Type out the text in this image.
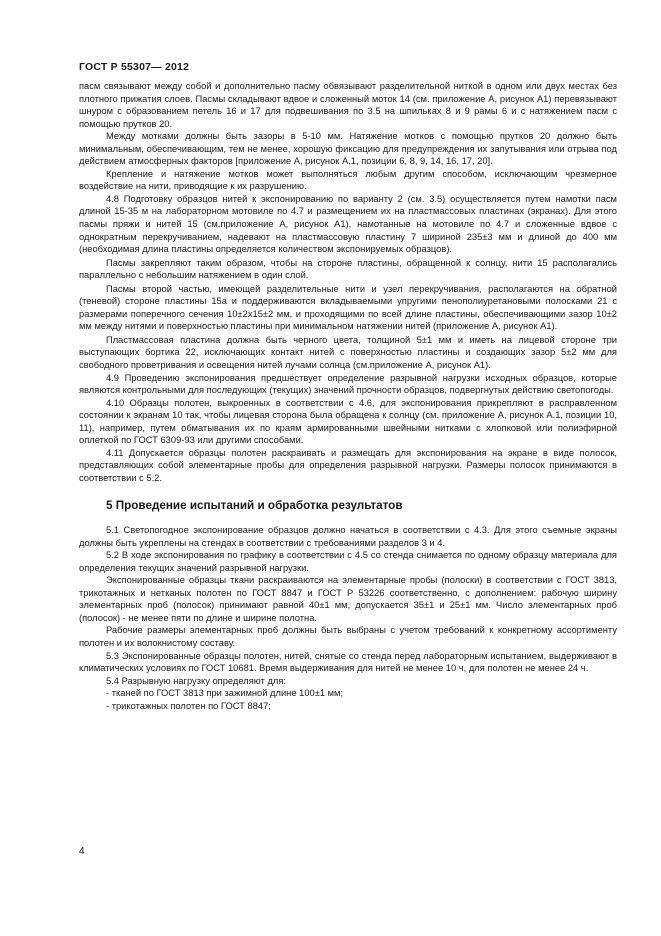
ГОСТ Р 55307— 2012

пасм связывают между собой и дополнительно пасму обвязывают разделительной ниткой в одном или двух местах без плотного прижатия слоев. Пасмы складывают вдвое и сложенный моток 14 (см. приложение А, рисунок А1) перевязывают шнуром с образованием петель 16 и 17 для подвешивания по 3.5 на шпильках 8 и 9 рамы 6 и с натяжением пасм с помощью прутков 20.

Между мотками должны быть зазоры в 5-10 мм. Натяжение мотков с помощью прутков 20 должно быть минимальным, обеспечивающим, тем не менее, хорошую фиксацию для предупреждения их запутывания или отрыва под действием атмосферных факторов [приложение А, рисунок А.1, позиции 6, 8, 9, 14, 16, 17, 20].

Крепление и натяжение мотков может выполняться любым другим способом, исключающим чрезмерное воздействие на нити, приводящие к их разрушению.

4.8 Подготовку образцов нитей к экспонированию по варианту 2 (см. 3.5) осуществляется путем намотки пасм длиной 15-35 м на лабораторном мотовиле по 4.7 и размещением их на пластмассовых пластинах (экранах). Для этого пасмы пряжи и нитей 15 (см.приложение А, рисунок А1), намотанные на мотовиле по 4.7 и сложенные вдвое с однократным перекручиванием, надевают на пластмассовую пластину 7 шириной 235±3 мм и длиной до 400 мм (необходимая длина пластины определяется количеством экспонируемых образцов).

Пасмы закрепляют таким образом, чтобы на стороне пластины, обращенной к солнцу, нити 15 располагались параллельно с небольшим натяжением в один слой.

Пасмы второй частью, имеющей разделительные нити и узел перекручивания, располагаются на обратной (теневой) стороне пластины 15а и поддерживаются вкладываемыми упругими пенополиуретановыми полосками 21 с размерами поперечного сечения 10±2х15±2 мм, и проходящими по всей длине пластины, обеспечивающими зазор 10±2 мм между нитями и поверхностью пластины при минимальном натяжении нитей (приложение А, рисунок А1).

Пластмассовая пластина должна быть черного цвета, толщиной 5±1 мм и иметь на лицевой стороне три выступающих бортика 22, исключающих контакт нитей с поверхностью пластины и создающих зазор 5±2 мм для свободного проветривания и освещения нитей лучами солнца (см.приложение А, рисунок А1).

4.9 Проведению экспонирования предшествует определение разрывной нагрузки исходных образцов, которые являются контрольными для последующих (текущих) значений прочности образцов, подвергнутых действию светопогоды.

4.10 Образцы полотен, выкроенных в соответствии с 4.6, для экспонирования прикрепляют в расправленном состоянии к экранам 10 так, чтобы лицевая сторона была обращена к солнцу (см. приложение А, рисунок А.1, позиции 10, 11), например, путем обматывания их по краям армированными швейными нитками с хлопковой или полиэфирной оплеткой по ГОСТ 6309-93 или другими способами.

4.11 Допускается образцы полотен раскраивать и размещать для экспонирования на экране в виде полосок, представляющих собой элементарные пробы для определения разрывной нагрузки. Размеры полосок принимаются в соответствии с 5.2.

5 Проведение испытаний и обработка результатов

5.1 Светопогодное экспонирование образцов должно начаться в соответствии с 4.3. Для этого съемные экраны должны быть укреплены на стендах в соответствии с требованиями разделов 3 и 4.

5.2 В ходе экспонирования по графику в соответствии с 4.5 со стенда снимается по одному образцу материала для определения текущих значений разрывной нагрузки.

Экспонированные образцы ткани раскраиваются на элементарные пробы (полоски) в соответствии с ГОСТ 3813, трикотажных и нетканых полотен по ГОСТ 8847 и ГОСТ Р 53226 соответственно, с дополнением: рабочую ширину элементарных проб (полосок) принимают равной 40±1 мм, допускается 35±1 и 25±1 мм. Число элементарных проб (полосок) - не менее пяти по длине и ширине полотна.

Рабочие размеры элементарных проб должны быть выбраны с учетом требований к конкретному ассортименту полотен и их волокнистому составу.

5.3 Экспонированные образцы полотен, нитей, снятые со стенда перед лабораторным испытанием, выдерживают в климатических условиях по ГОСТ 10681. Время выдерживания для нитей не менее 10 ч, для полотен не менее 24 ч.

5.4 Разрывную нагрузку определяют для:

- тканей по ГОСТ 3813 при зажимной длине 100±1 мм;

- трикотажных полотен по ГОСТ 8847;

4
